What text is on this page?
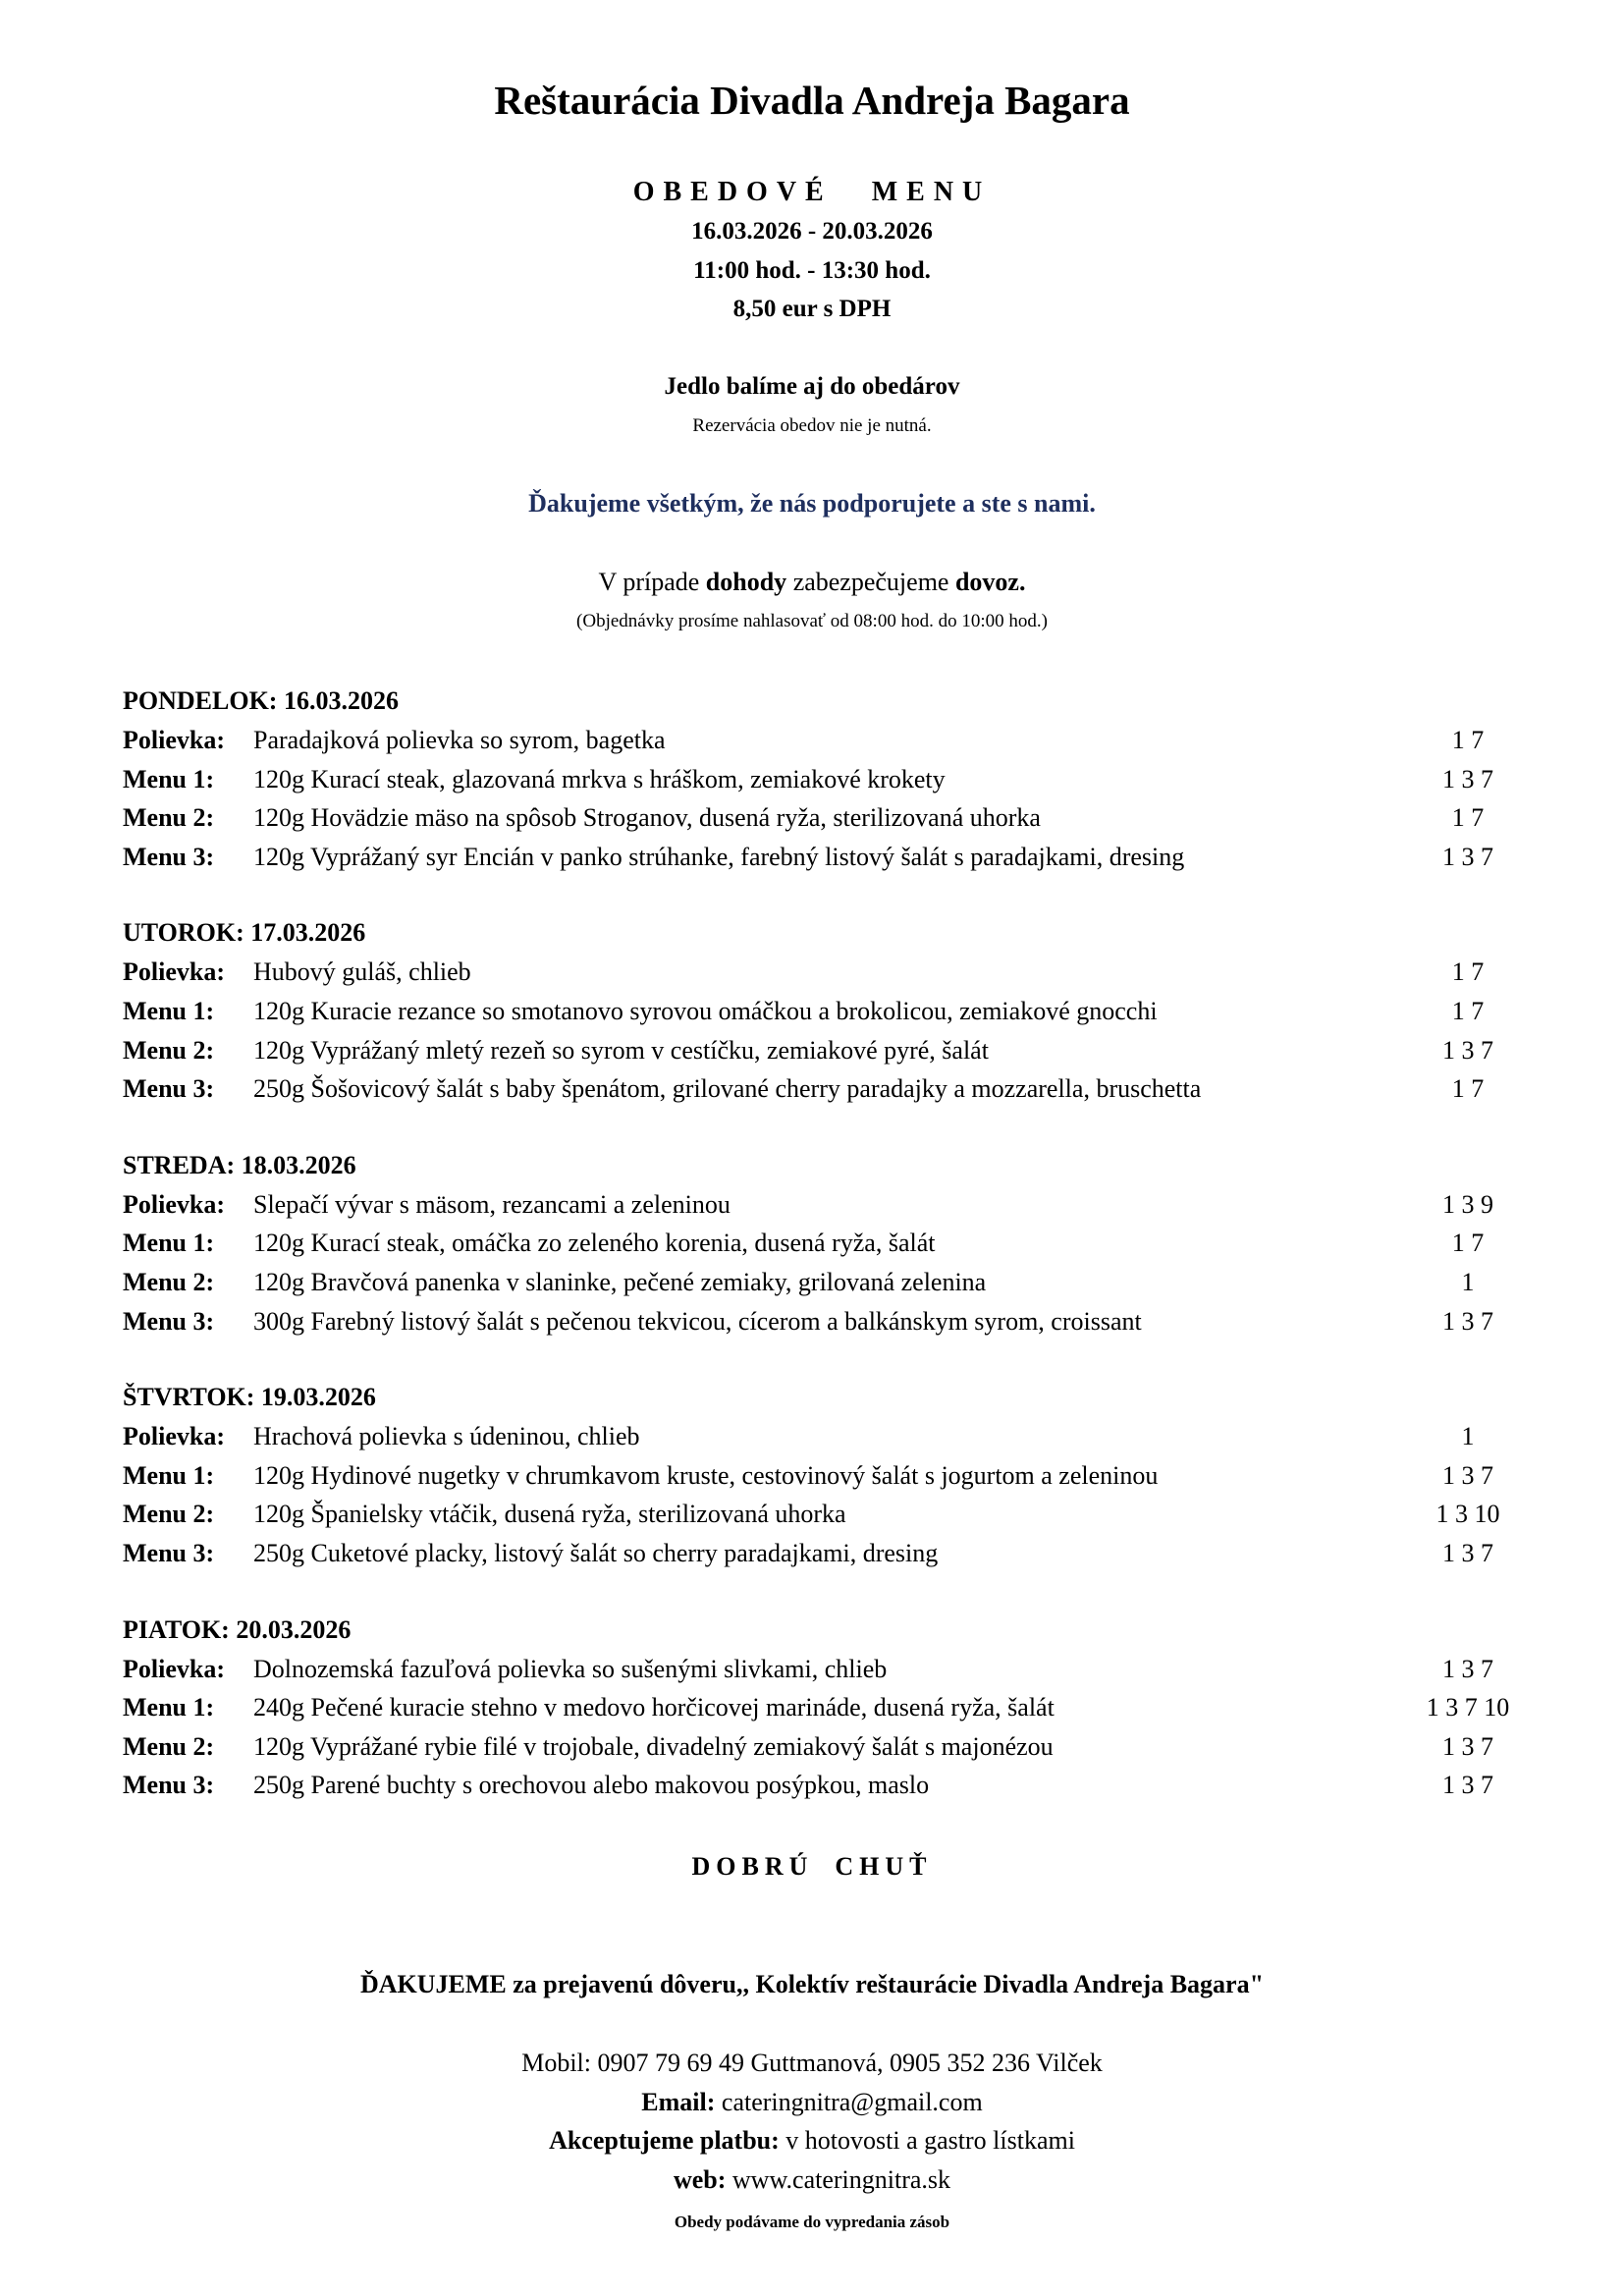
Reštaurácia Divadla Andreja Bagara
OBEDOVÉ MENU
16.03.2026 - 20.03.2026
11:00 hod. - 13:30 hod.
8,50 eur s DPH
Jedlo balíme aj do obedárov
Rezervácia obedov nie je nutná.
Ďakujeme všetkým, že nás podporujete a ste s nami.
V prípade dohody zabezpečujeme dovoz.
(Objednávky prosíme nahlasovať od 08:00 hod. do 10:00 hod.)
PONDELOK: 16.03.2026
Polievka:	Paradajková polievka so syrom, bagetka	1 7
Menu 1:	120g Kurací steak, glazovaná mrkva s hráškom, zemiakové krokety	1 3 7
Menu 2:	120g Hovädzie mäso na spôsob Stroganov, dusená ryža, sterilizovaná uhorka	1 7
Menu 3:	120g Vyprážaný syr Encián v panko strúhanke, farebný listový šalát s paradajkami, dresing	1 3 7
UTOROK: 17.03.2026
Polievka:	Hubový guláš, chlieb	1 7
Menu 1:	120g Kuracie rezance so smotanovo syrovou omáčkou a brokolicou, zemiakové gnocchi	1 7
Menu 2:	120g Vyprážaný mletý rezeň so syrom v cestíčku, zemiakové pyré, šalát	1 3 7
Menu 3:	250g Šošovicový šalát s baby špenátom, grilované cherry paradajky a mozzarella, bruschetta	1 7
STREDA: 18.03.2026
Polievka:	Slepačí vývar s mäsom, rezancami a zeleninou	1 3 9
Menu 1:	120g Kurací steak, omáčka zo zeleného korenia, dusená ryža, šalát	1 7
Menu 2:	120g Bravčová panenka v slaninke, pečené zemiaky, grilovaná zelenina	1
Menu 3:	300g Farebný listový šalát s pečenou tekvicou, cícerom a balkánskym syrom, croissant	1 3 7
ŠTVRTOK: 19.03.2026
Polievka:	Hrachová polievka s údeninou, chlieb	1
Menu 1:	120g Hydinové nugetky v chrumkavom kruste, cestovinový šalát s jogurtom a zeleninou	1 3 7
Menu 2:	120g Španielsky vtáčik, dusená ryža, sterilizovaná uhorka	1 3 10
Menu 3:	250g Cuketové placky, listový šalát so cherry paradajkami, dresing	1 3 7
PIATOK: 20.03.2026
Polievka:	Dolnozemská fazuľová polievka so sušenými slivkami, chlieb	1 3 7
Menu 1:	240g Pečené kuracie stehno v medovo horčicovej marináde, dusená ryža, šalát	1 3 7 10
Menu 2:	120g Vyprážané rybie filé v trojobale, divadelný zemiakový šalát s majonézou	1 3 7
Menu 3:	250g Parené buchty s orechovou alebo makovou posýpkou, maslo	1 3 7
DOBRÚ CHUŤ
ĎAKUJEME za prejavenú dôveru,, Kolektív reštaurácie Divadla Andreja Bagara"
Mobil: 0907 79 69 49 Guttmanová, 0905 352 236 Vilček
Email: cateringnitra@gmail.com
Akceptujeme platbu: v hotovosti a gastro lístkami
web: www.cateringnitra.sk
Obedy podávame do vypredania zásob
